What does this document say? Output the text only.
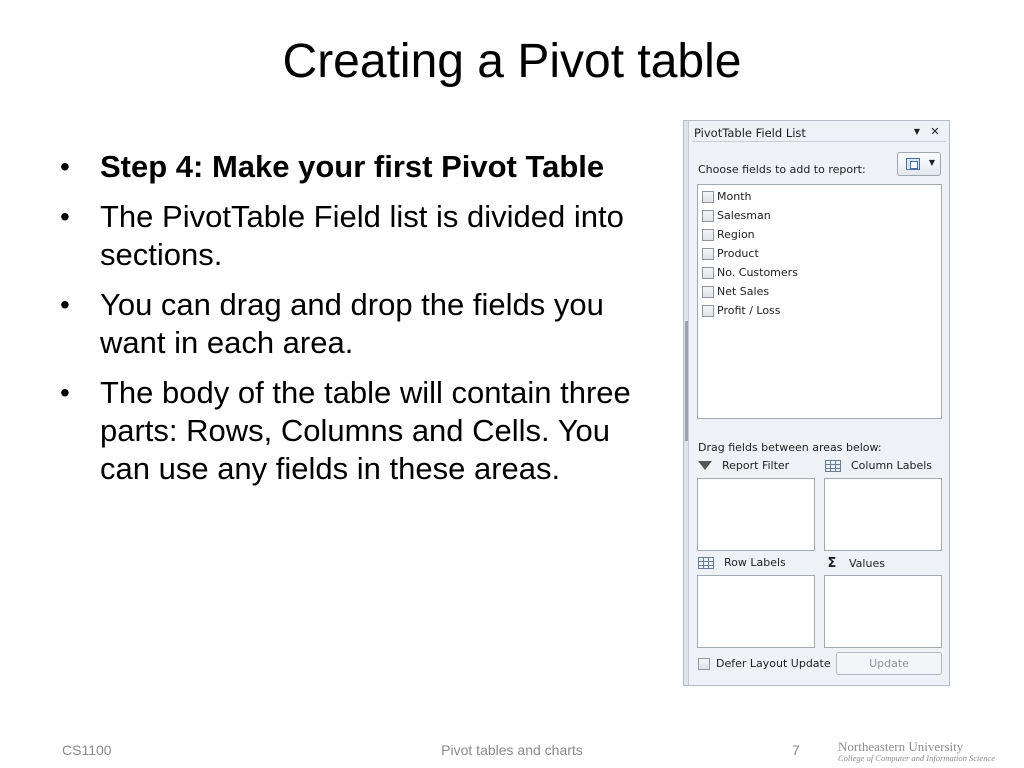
Creating a Pivot table
• Step 4: Make your first Pivot Table
• The PivotTable Field list is divided into sections.
• You can drag and drop the fields you want in each area.
• The body of the table will contain three parts: Rows, Columns and Cells. You can use any fields in these areas.
PivotTable Field List	▼ ✕
Choose fields to add to report:
▼
Month
Salesman
Region
Product
No. Customers
Net Sales
Profit / Loss
Drag fields between areas below:
Report Filter	Column Labels
Row Labels	Σ Values
Defer Layout Update	Update
CS1100	Pivot tables and charts	7	Northeastern University
College of Computer and Information Science
